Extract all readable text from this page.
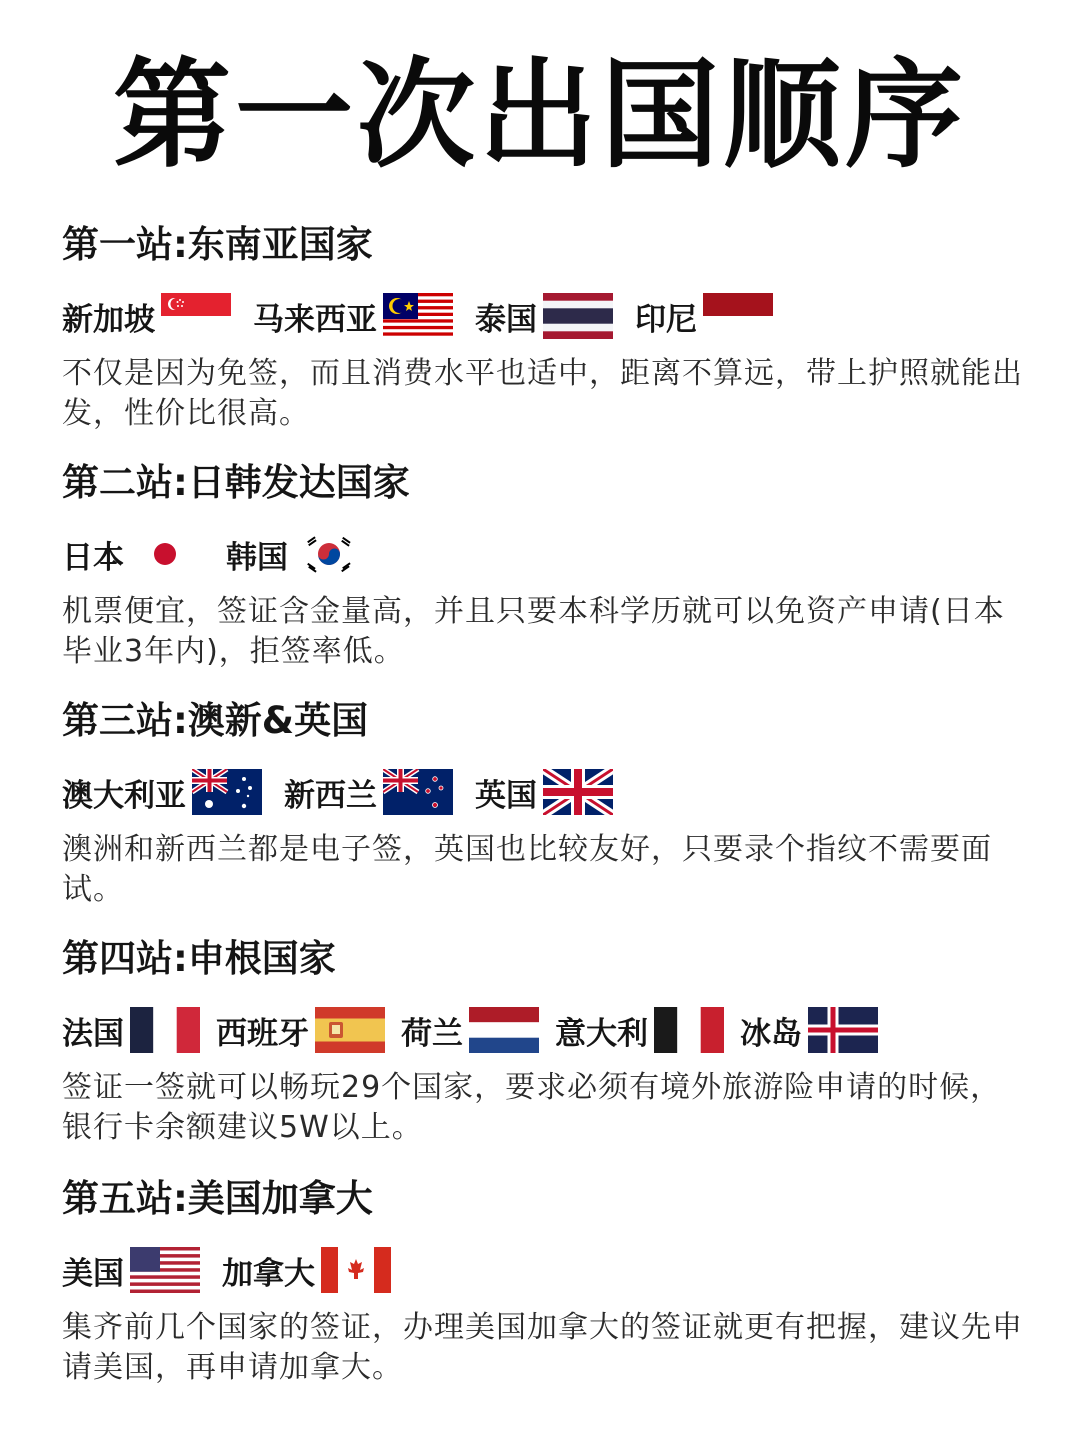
第一次出国顺序
第一站:东南亚国家
新加坡	马来西亚	泰国	印尼
不仅是因为免签，而且消费水平也适中，距离不算远，带上护照就能出发，性价比很高。
第二站:日韩发达国家
日本	韩国
机票便宜，签证含金量高，并且只要本科学历就可以免资产申请(日本毕业3年内)，拒签率低。
第三站:澳新&英国
澳大利亚	新西兰	英国
澳洲和新西兰都是电子签，英国也比较友好，只要录个指纹不需要面试。
第四站:申根国家
法国	西班牙	荷兰	意大利	冰岛
签证一签就可以畅玩29个国家，要求必须有境外旅游险申请的时候，银行卡余额建议5W以上。
第五站:美国加拿大
美国	加拿大
集齐前几个国家的签证，办理美国加拿大的签证就更有把握，建议先申请美国，再申请加拿大。
